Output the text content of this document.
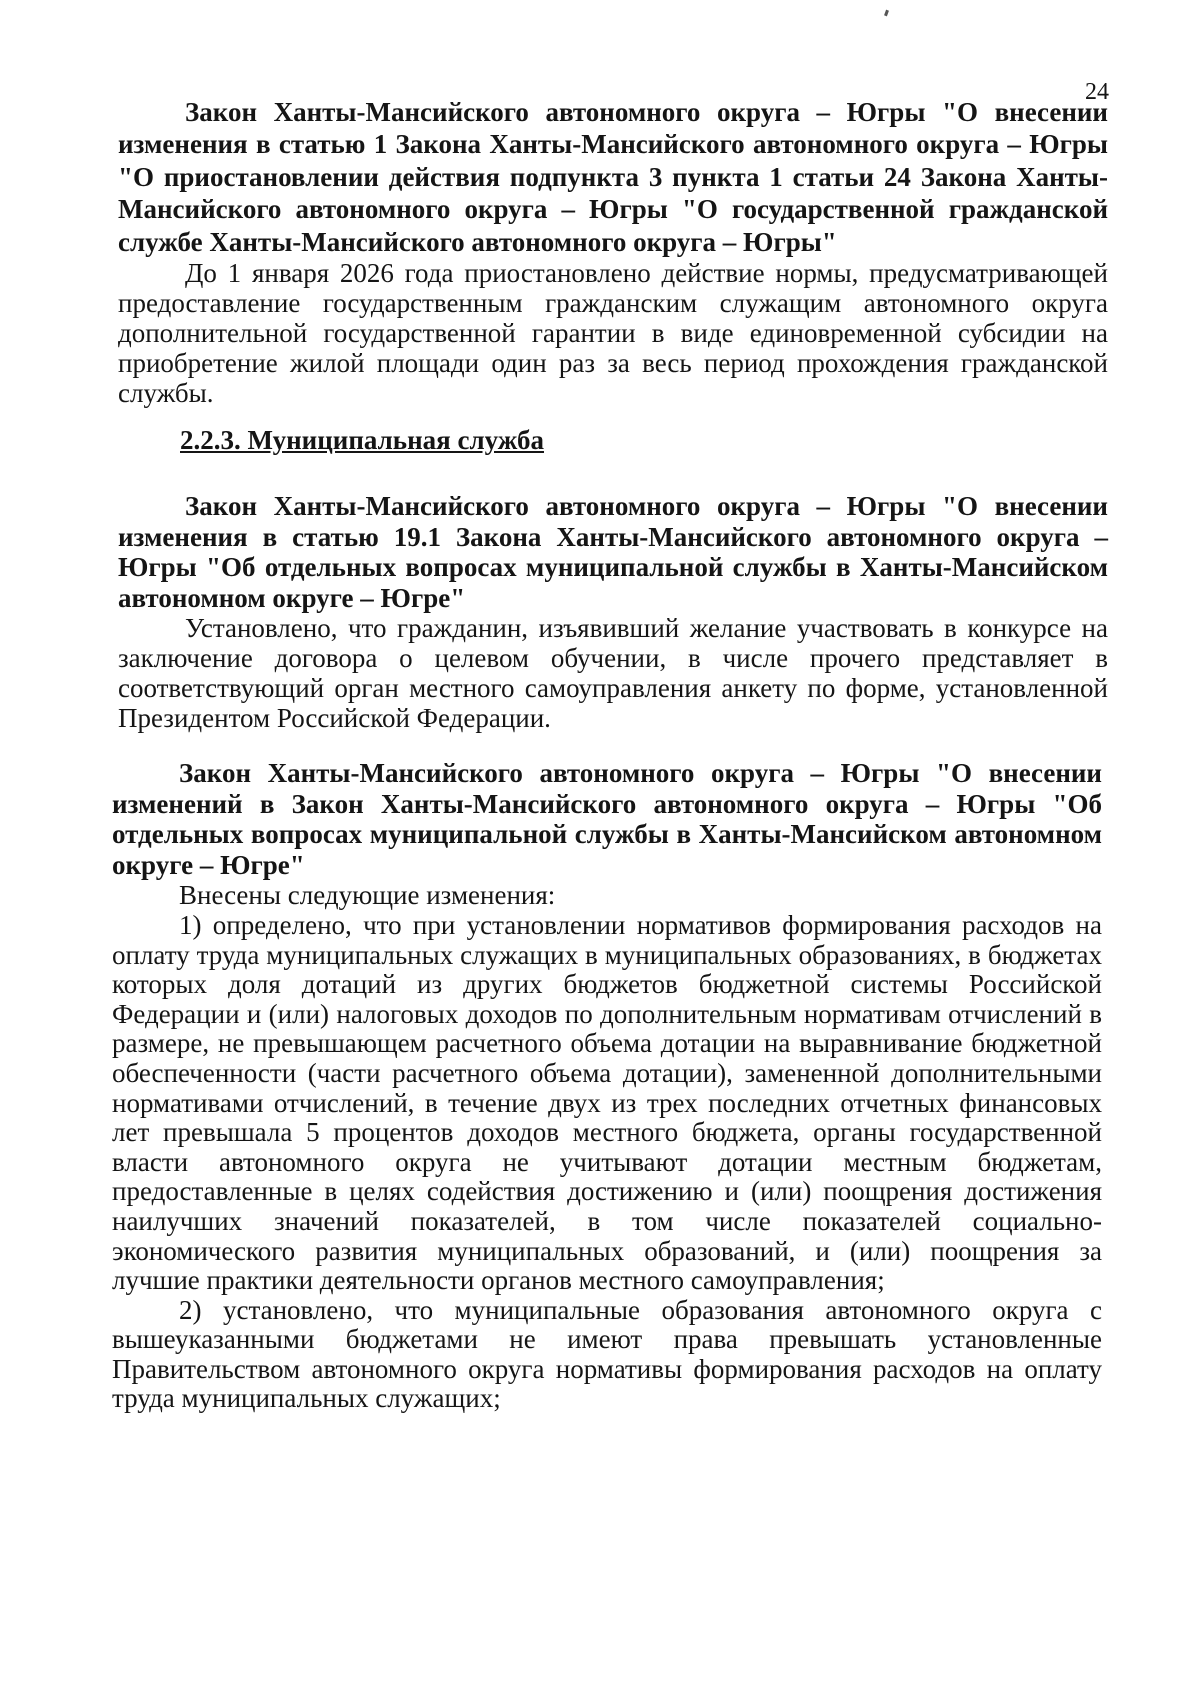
24

Закон Ханты-Мансийского автономного округа – Югры "О внесении изменения в статью 1 Закона Ханты-Мансийского автономного округа – Югры "О приостановлении действия подпункта 3 пункта 1 статьи 24 Закона Ханты-Мансийского автономного округа – Югры "О государственной гражданской службе Ханты-Мансийского автономного округа – Югры"

До 1 января 2026 года приостановлено действие нормы, предусматривающей предоставление государственным гражданским служащим автономного округа дополнительной государственной гарантии в виде единовременной субсидии на приобретение жилой площади один раз за весь период прохождения гражданской службы.

2.2.3. Муниципальная служба

Закон Ханты-Мансийского автономного округа – Югры "О внесении изменения в статью 19.1 Закона Ханты-Мансийского автономного округа – Югры "Об отдельных вопросах муниципальной службы в Ханты-Мансийском автономном округе – Югре"

Установлено, что гражданин, изъявивший желание участвовать в конкурсе на заключение договора о целевом обучении, в числе прочего представляет в соответствующий орган местного самоуправления анкету по форме, установленной Президентом Российской Федерации.

Закон Ханты-Мансийского автономного округа – Югры "О внесении изменений в Закон Ханты-Мансийского автономного округа – Югры "Об отдельных вопросах муниципальной службы в Ханты-Мансийском автономном округе – Югре"

Внесены следующие изменения:

1) определено, что при установлении нормативов формирования расходов на оплату труда муниципальных служащих в муниципальных образованиях, в бюджетах которых доля дотаций из других бюджетов бюджетной системы Российской Федерации и (или) налоговых доходов по дополнительным нормативам отчислений в размере, не превышающем расчетного объема дотации на выравнивание бюджетной обеспеченности (части расчетного объема дотации), замененной дополнительными нормативами отчислений, в течение двух из трех последних отчетных финансовых лет превышала 5 процентов доходов местного бюджета, органы государственной власти автономного округа не учитывают дотации местным бюджетам, предоставленные в целях содействия достижению и (или) поощрения достижения наилучших значений показателей, в том числе показателей социально-экономического развития муниципальных образований, и (или) поощрения за лучшие практики деятельности органов местного самоуправления;

2) установлено, что муниципальные образования автономного округа с вышеуказанными бюджетами не имеют права превышать установленные Правительством автономного округа нормативы формирования расходов на оплату труда муниципальных служащих;
